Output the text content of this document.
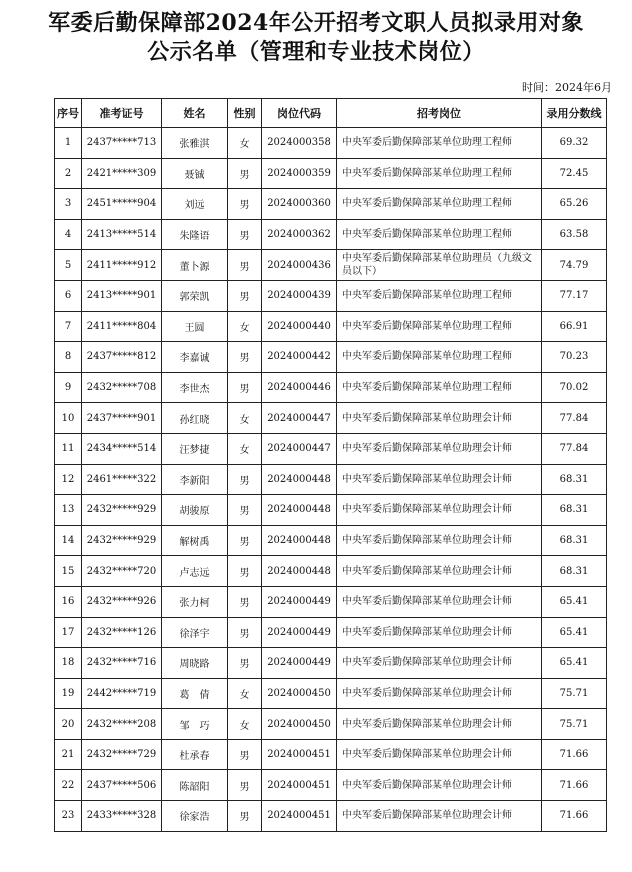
军委后勤保障部2024年公开招考文职人员拟录用对象
公示名单（管理和专业技术岗位）
时间：2024年6月
序号	准考证号	姓名	性别	岗位代码	招考岗位	录用分数线
1	2437*****713	张雅淇	女	2024000358	中央军委后勤保障部某单位助理工程师	69.32
2	2421*****309	聂铖	男	2024000359	中央军委后勤保障部某单位助理工程师	72.45
3	2451*****904	刘远	男	2024000360	中央军委后勤保障部某单位助理工程师	65.26
4	2413*****514	朱隆语	男	2024000362	中央军委后勤保障部某单位助理工程师	63.58
5	2411*****912	董卜源	男	2024000436	中央军委后勤保障部某单位助理员（九级文员以下）	74.79
6	2413*****901	郭荣凯	男	2024000439	中央军委后勤保障部某单位助理工程师	77.17
7	2411*****804	王圆	女	2024000440	中央军委后勤保障部某单位助理工程师	66.91
8	2437*****812	李嘉诚	男	2024000442	中央军委后勤保障部某单位助理工程师	70.23
9	2432*****708	李世杰	男	2024000446	中央军委后勤保障部某单位助理工程师	70.02
10	2437*****901	孙红晓	女	2024000447	中央军委后勤保障部某单位助理会计师	77.84
11	2434*****514	汪梦捷	女	2024000447	中央军委后勤保障部某单位助理会计师	77.84
12	2461*****322	李新阳	男	2024000448	中央军委后勤保障部某单位助理会计师	68.31
13	2432*****929	胡骏原	男	2024000448	中央军委后勤保障部某单位助理会计师	68.31
14	2432*****929	解树禹	男	2024000448	中央军委后勤保障部某单位助理会计师	68.31
15	2432*****720	卢志远	男	2024000448	中央军委后勤保障部某单位助理会计师	68.31
16	2432*****926	张力柯	男	2024000449	中央军委后勤保障部某单位助理会计师	65.41
17	2432*****126	徐泽宇	男	2024000449	中央军委后勤保障部某单位助理会计师	65.41
18	2432*****716	周晓路	男	2024000449	中央军委后勤保障部某单位助理会计师	65.41
19	2442*****719	葛　倩	女	2024000450	中央军委后勤保障部某单位助理会计师	75.71
20	2432*****208	邹　巧	女	2024000450	中央军委后勤保障部某单位助理会计师	75.71
21	2432*****729	杜承春	男	2024000451	中央军委后勤保障部某单位助理会计师	71.66
22	2437*****506	陈韶阳	男	2024000451	中央军委后勤保障部某单位助理会计师	71.66
23	2433*****328	徐家浩	男	2024000451	中央军委后勤保障部某单位助理会计师	71.66
